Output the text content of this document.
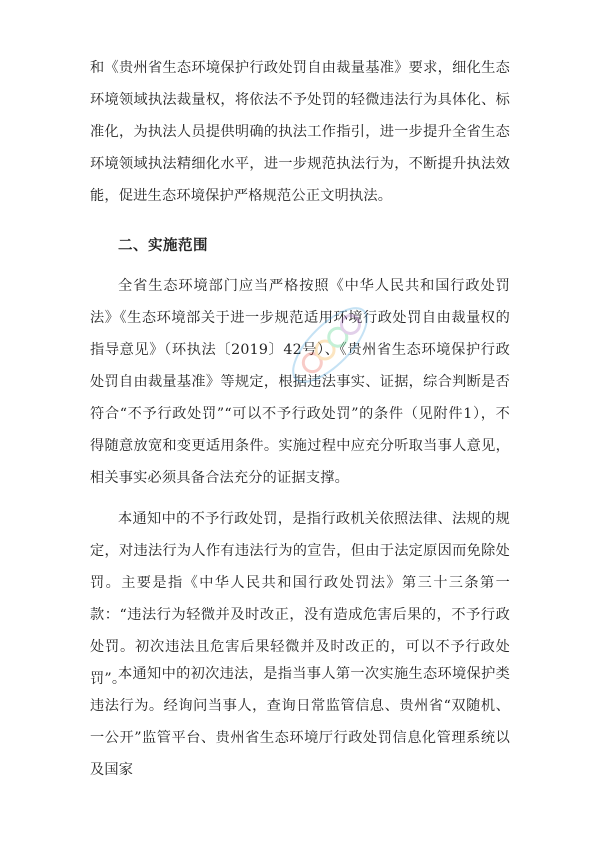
和《贵州省生态环境保护行政处罚自由裁量基准》要求，细化生态环境领域执法裁量权，将依法不予处罚的轻微违法行为具体化、标准化，为执法人员提供明确的执法工作指引，进一步提升全省生态环境领域执法精细化水平，进一步规范执法行为，不断提升执法效能，促进生态环境保护严格规范公正文明执法。
二、实施范围
全省生态环境部门应当严格按照《中华人民共和国行政处罚法》《生态环境部关于进一步规范适用环境行政处罚自由裁量权的指导意见》（环执法〔2019〕42号）、《贵州省生态环境保护行政处罚自由裁量基准》等规定，根据违法事实、证据，综合判断是否符合“不予行政处罚”“可以不予行政处罚”的条件（见附件1），不得随意放宽和变更适用条件。实施过程中应充分听取当事人意见，相关事实必须具备合法充分的证据支撑。
本通知中的不予行政处罚，是指行政机关依照法律、法规的规定，对违法行为人作有违法行为的宣告，但由于法定原因而免除处罚。主要是指《中华人民共和国行政处罚法》第三十三条第一款：“违法行为轻微并及时改正，没有造成危害后果的，不予行政处罚。初次违法且危害后果轻微并及时改正的，可以不予行政处罚”。
本通知中的初次违法，是指当事人第一次实施生态环境保护类违法行为。经询问当事人，查询日常监管信息、贵州省“双随机、一公开”监管平台、贵州省生态环境厅行政处罚信息化管理系统以及国家
